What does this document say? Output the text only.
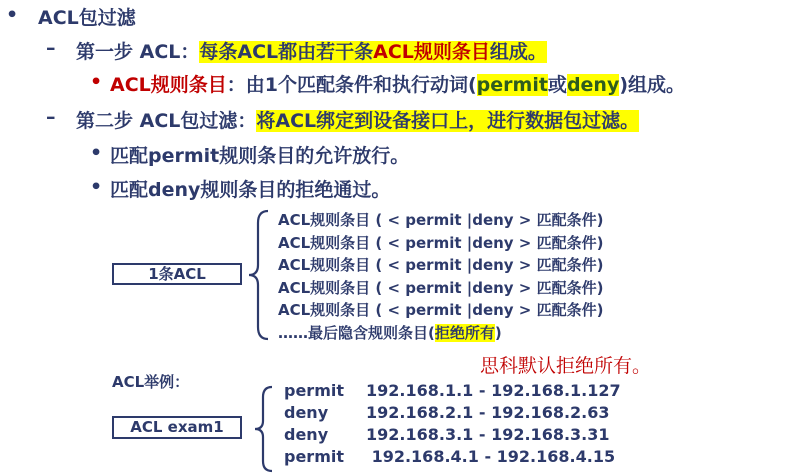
• ACL包过滤
– 第一步 ACL：每条ACL都由若干条ACL规则条目组成。
• ACL规则条目：由1个匹配条件和执行动词(permit或deny)组成。
– 第二步 ACL包过滤：将ACL绑定到设备接口上，进行数据包过滤。
• 匹配permit规则条目的允许放行。
• 匹配deny规则条目的拒绝通过。
1条ACL
ACL规则条目 ( < permit |deny > 匹配条件)
ACL规则条目 ( < permit |deny > 匹配条件)
ACL规则条目 ( < permit |deny > 匹配条件)
ACL规则条目 ( < permit |deny > 匹配条件)
ACL规则条目 ( < permit |deny > 匹配条件)
……最后隐含规则条目(拒绝所有)
思科默认拒绝所有。
ACL举例：
ACL exam1
permit 192.168.1.1 - 192.168.1.127
deny 192.168.2.1 - 192.168.2.63
deny 192.168.3.1 - 192.168.3.31
permit 192.168.4.1 - 192.168.4.15
